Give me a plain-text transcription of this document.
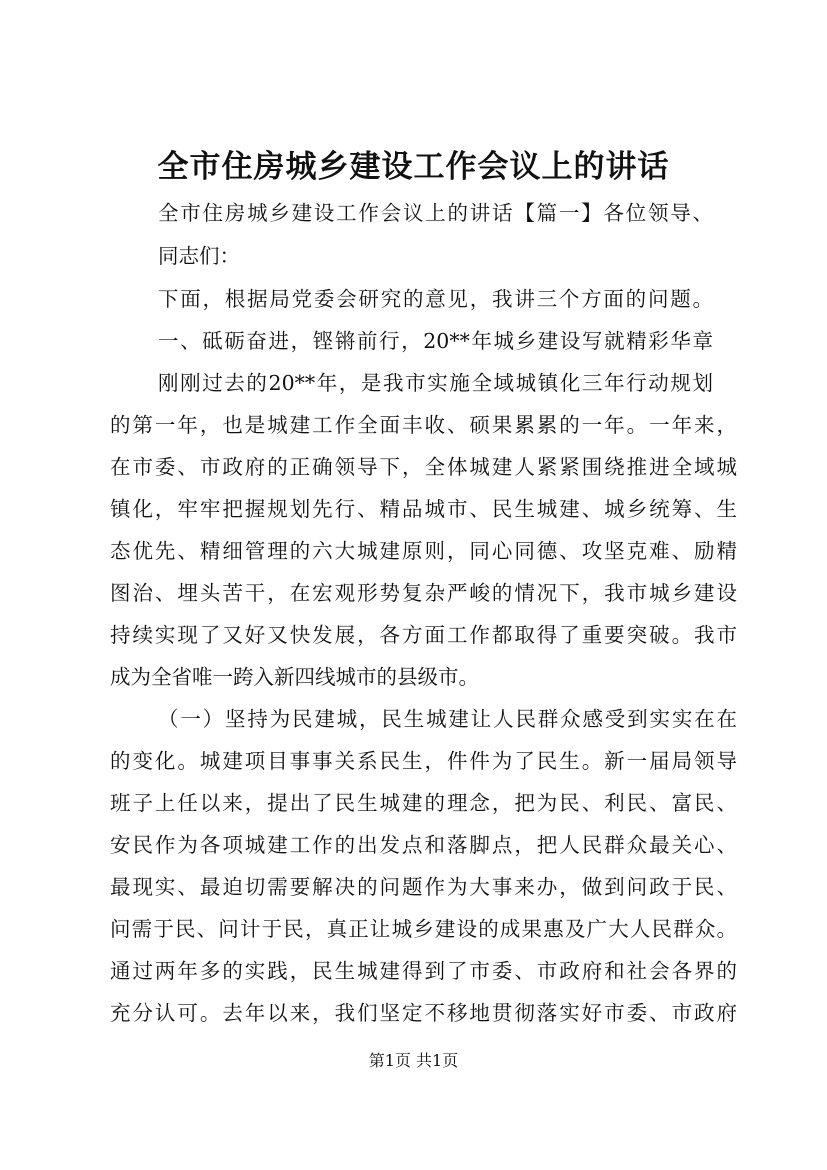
全市住房城乡建设工作会议上的讲话
全市住房城乡建设工作会议上的讲话【篇一】各位领导、
同志们：
下面，根据局党委会研究的意见，我讲三个方面的问题。
一、砥砺奋进，铿锵前行，20**年城乡建设写就精彩华章
刚刚过去的20**年，是我市实施全域城镇化三年行动规划
的第一年，也是城建工作全面丰收、硕果累累的一年。一年来，
在市委、市政府的正确领导下，全体城建人紧紧围绕推进全域城
镇化，牢牢把握规划先行、精品城市、民生城建、城乡统筹、生
态优先、精细管理的六大城建原则，同心同德、攻坚克难、励精
图治、埋头苦干，在宏观形势复杂严峻的情况下，我市城乡建设
持续实现了又好又快发展，各方面工作都取得了重要突破。我市
成为全省唯一跨入新四线城市的县级市。
（一）坚持为民建城，民生城建让人民群众感受到实实在在
的变化。城建项目事事关系民生，件件为了民生。新一届局领导
班子上任以来，提出了民生城建的理念，把为民、利民、富民、
安民作为各项城建工作的出发点和落脚点，把人民群众最关心、
最现实、最迫切需要解决的问题作为大事来办，做到问政于民、
问需于民、问计于民，真正让城乡建设的成果惠及广大人民群众。
通过两年多的实践，民生城建得到了市委、市政府和社会各界的
充分认可。去年以来，我们坚定不移地贯彻落实好市委、市政府
第1页 共1页
